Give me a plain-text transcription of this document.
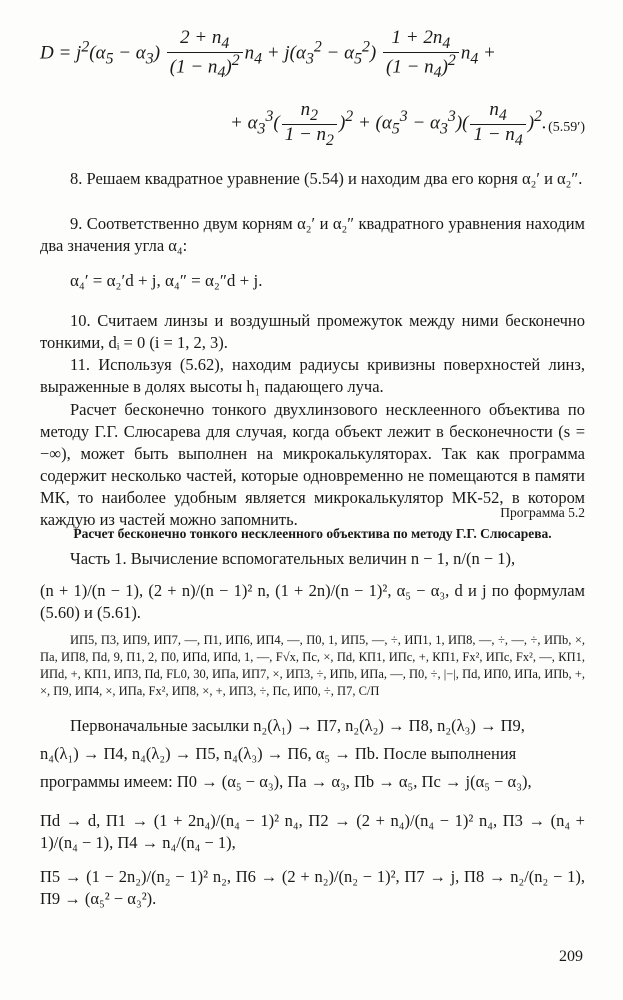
$D = j^2(\alpha_5 - \alpha_3) \frac{2 + n_4}{(1 - n_4)^2} n_4 + j(\alpha_3^2 - \alpha_5^2) \frac{1 + 2n_4}{(1 - n_4)^2} n_4$ +
+ $\alpha_3^3( \frac{n_2}{1 - n_2} )^2 + (\alpha_5^3 - \alpha_3^3)( \frac{n_4}{1 - n_4} )^2$. (5.59′)
8. Решаем квадратное уравнение (5.54) и находим два его корня α₂′ и α₂″.
9. Соответственно двум корням α₂′ и α₂″ квадратного уравнения находим два значения угла α₄:
α₄′ = α₂′d + j, α₄″ = α₂″d + j.
10. Считаем линзы и воздушный промежуток между ними бесконечно тонкими, dᵢ = 0 (i = 1, 2, 3).
11. Используя (5.62), находим радиусы кривизны поверхностей линз, выраженные в долях высоты h₁ падающего луча.
Расчет бесконечно тонкого двухлинзового несклеенного объектива по методу Г.Г. Слюсарева для случая, когда объект лежит в бесконечности (s = −∞), может быть выполнен на микрокалькуляторах. Так как программа содержит несколько частей, которые одновременно не помещаются в памяти МК, то наиболее удобным является микрокалькулятор МК-52, в котором каждую из частей можно запомнить.	Программа 5.2
Расчет бесконечно тонкого несклеенного объектива по методу Г.Г. Слюсарева.
Часть 1. Вычисление вспомогательных величин n − 1, n/(n − 1),
(n + 1)/(n − 1), (2 + n)/(n − 1)² n, (1 + 2n)/(n − 1)², α₅ − α₃, d и j по формулам (5.60) и (5.61).
ИП5, П3, ИП9, ИП7, —, П1, ИП6, ИП4, —, П0, 1, ИП5, —, ÷, ИП1, 1, ИП8, —, ÷, —, ÷, ИПb, ×, Па, ИП8, Пd, 9, П1, 2, П0, ИПd, ИПd, 1, —, F√x, Пс, ×, Пd, КП1, ИПс, +, КП1, Fx², ИПс, Fx², —, КП1, ИПd, +, КП1, ИП3, Пd, FL0, 30, ИПа, ИП7, ×, ИП3, ÷, ИПb, ИПа, —, П0, ÷, |−|, Пd, ИП0, ИПа, ИПb, +, ×, П9, ИП4, ×, ИПа, Fx², ИП8, ×, +, ИП3, ÷, Пс, ИП0, ÷, П7, С/П
Первоначальные засылки n₂(λ₁) → П7, n₂(λ₂) → П8, n₂(λ₃) → П9,
n₄(λ₁) → П4, n₄(λ₂) → П5, n₄(λ₃) → П6, α₅ → Пb. После выполнения
программы имеем: П0 → (α₅ − α₃), Па → α₃, Пb → α₅, Пс → j(α₅ − α₃),
Пd → d, П1 → (1 + 2n₄)/(n₄ − 1)² n₄, П2 → (2 + n₄)/(n₄ − 1)² n₄, П3 → (n₄ + 1)/(n₄ − 1), П4 → n₄/(n₄ − 1),
П5 → (1 − 2n₂)/(n₂ − 1)² n₂, П6 → (2 + n₂)/(n₂ − 1)², П7 → j, П8 → n₂/(n₂ − 1), П9 → (α₅² − α₃²).
209
